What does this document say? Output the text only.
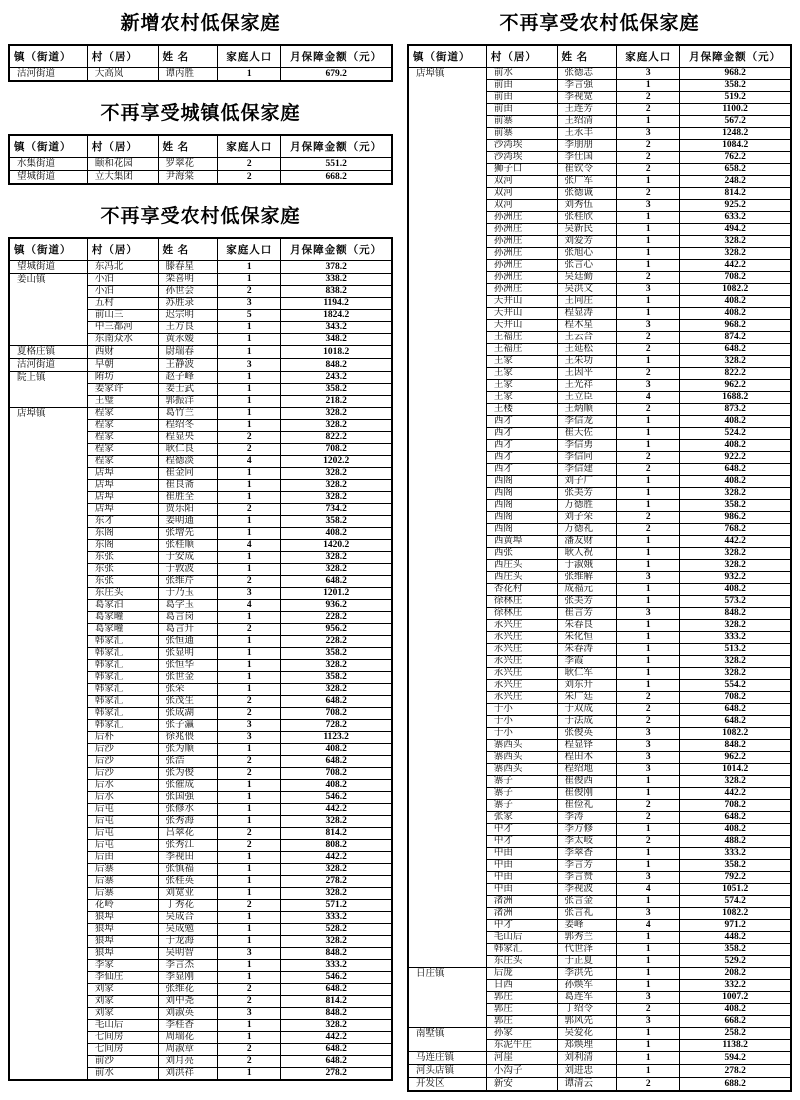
新增农村低保家庭
镇（街道）	村（居）	姓 名	家庭人口	月保障金额（元）
沽河街道	大高岚	谭丙胜	1	679.2
不再享受城镇低保家庭
镇（街道）	村（居）	姓 名	家庭人口	月保障金额（元）
水集街道	颐和花园	罗翠花	2	551.2
望城街道	立大集团	尹海棠	2	668.2
不再享受农村低保家庭
镇（街道）	村（居）	姓 名	家庭人口	月保障金额（元）
望城街道	东冯北	滕春星	1	378.2
姜山镇	小泊	栾喜明	1	338.2
	小泊	孙世会	2	838.2
	五村	苏胜录	3	1194.2
	前山三	迟宗明	5	1824.2
	中三都河	王方良	1	343.2
	东南众水	黄永嫒	1	348.2
夏格庄镇	西财	尉瑞春	1	1018.2
沽河街道	早朝	王静波	3	848.2
院上镇	陏坊	赵子峰	1	243.2
	姜家许	姜士武	1	358.2
	王璧	郭振洋	1	218.2
店埠镇	程家	葛竹兰	1	328.2
	程家	程绍冬	1	328.2
	程家	程显央	2	822.2
	程家	耿仁良	2	708.2
	程家	程德淡	4	1202.2
	店埠	崔金同	1	328.2
	店埠	崔良斋	1	328.2
	店埠	崔胜全	1	328.2
	店埠	贾乐阳	2	734.2
	东才	姜明通	1	358.2
	东阁	张增先	1	408.2
	东阁	张桂顺	4	1420.2
	东张	于安成	1	328.2
	东张	于敦波	1	328.2
	东张	张维芹	2	648.2
	东庄头	于乃玉	3	1201.2
	葛家泊	葛学玉	4	936.2
	葛家疃	葛言岗	1	228.2
	葛家疃	葛言升	2	956.2
	韩家汇	张恒通	1	228.2
	韩家汇	张显明	1	358.2
	韩家汇	张恒华	1	328.2
	韩家汇	张世金	1	358.2
	韩家汇	张荣	1	328.2
	韩家汇	张茂生	2	648.2
	韩家汇	张成湖	2	708.2
	韩家汇	张子瀛	3	728.2
	后朴	徐兆偎	3	1123.2
	后沙	张为顺	1	408.2
	后沙	张浩	2	648.2
	后沙	张为俊	2	708.2
	后水	张催成	1	408.2
	后水	张国强	1	546.2
	后屯	张修水	1	442.2
	后屯	张秀海	1	328.2
	后屯	吕翠花	2	814.2
	后屯	张秀江	2	808.2
	后由	李视田	1	442.2
	后寨	张慎福	1	328.2
	后寨	张桂英	1	278.2
	后寨	刘宽业	1	328.2
	花岭	丁秀花	2	571.2
	狼埠	吴成合	1	333.2
	狼埠	吴成勉	1	528.2
	狼埠	于龙海	1	328.2
	狼埠	吴明智	3	848.2
	李家	李言杰	1	333.2
	李仙庄	李显刚	1	546.2
	刘家	张维花	2	648.2
	刘家	刘中尧	2	814.2
	刘家	刘淑英	3	848.2
	毛山后	李桂香	1	328.2
	七间房	周瑞花	1	442.2
	七间房	周淑章	2	648.2
	前沙	刘月亮	2	648.2
	前水	刘洪祥	1	278.2
不再享受农村低保家庭
镇（街道）	村（居）	姓 名	家庭人口	月保障金额（元）
店埠镇	前水	张德志	3	968.2
	前由	李言强	1	358.2
	前由	李视宽	2	519.2
	前由	王连芳	2	1100.2
	前寨	王绍清	1	567.2
	前寨	王永丰	3	1248.2
	沙湾埃	李朋朋	2	1084.2
	沙湾埃	李仕国	2	762.2
	狮子口	崔钦令	2	658.2
	双河	张广军	1	248.2
	双河	张德诚	2	814.2
	双河	刘秀伍	3	925.2
	孙洲庄	张桂欣	1	633.2
	孙洲庄	吴新民	1	494.2
	孙洲庄	刘爱芳	1	328.2
	孙洲庄	张旭心	1	328.2
	孙洲庄	张言心	1	442.2
	孙洲庄	吴廷勤	2	708.2
	孙洲庄	吴洪文	3	1082.2
	天井山	王同庄	1	408.2
	天井山	程显涛	1	408.2
	天井山	程木星	3	968.2
	王福庄	王云合	2	874.2
	王福庄	王延松	2	648.2
	王家	王朱功	1	328.2
	王家	王因平	2	822.2
	王家	王光祥	3	962.2
	王家	王立臣	4	1688.2
	王楼	王炳顺	2	873.2
	西才	李信龙	1	408.2
	西才	崔天佐	1	524.2
	西才	李信勇	1	408.2
	西才	李信同	2	922.2
	西才	李信建	2	648.2
	西阁	刘子广	1	408.2
	西阁	张美芳	1	328.2
	西阁	万德胜	1	358.2
	西阁	刘子荣	2	986.2
	西阁	万德礼	2	768.2
	西黄埠	潘友财	1	442.2
	西张	耿人祝	1	328.2
	西庄头	于淑娥	1	328.2
	西庄头	张维解	3	932.2
	杏花村	成福元	1	408.2
	徐林庄	张美芳	1	573.2
	徐林庄	崔言芳	3	848.2
	永兴庄	朱春良	1	328.2
	永兴庄	朱化恒	1	333.2
	永兴庄	朱春涛	1	513.2
	永兴庄	李霞	1	328.2
	永兴庄	耿仁军	1	328.2
	永兴庄	刘东升	1	554.2
	永兴庄	朱广廷	2	708.2
	于小	于双成	2	648.2
	于小	于法成	2	648.2
	于小	张俊英	3	1082.2
	寨西头	程显铎	3	848.2
	寨西头	程田木	3	962.2
	寨西头	程绍地	3	1014.2
	寨子	崔俊西	1	328.2
	寨子	崔俊刚	1	442.2
	寨子	崔俭礼	2	708.2
	张家	李涛	2	648.2
	中才	李方修	1	408.2
	中才	李太岐	2	488.2
	中由	李翠香	1	333.2
	中由	李言芳	1	358.2
	中由	李言赞	3	792.2
	中由	李视波	4	1051.2
	渚洲	张言金	1	574.2
	渚洲	张言礼	3	1082.2
	中才	姜峰	4	971.2
	毛山后	郭秀兰	1	448.2
	韩家汇	代世泽	1	358.2
	东庄头	于正夏	1	529.2
日庄镇	后庞	李洪先	1	208.2
	日西	孙焕军	1	332.2
	郭庄	葛连军	3	1007.2
	郭庄	丁绍令	2	408.2
	郭庄	郭风先	3	668.2
南墅镇	孙家	吴爱花	1	258.2
	东泥牛庄	郑焕理	1	1138.2
马连庄镇	河崖	刘利清	1	594.2
河头店镇	小沟子	刘进忠	1	278.2
开发区	新安	谭清云	2	688.2
